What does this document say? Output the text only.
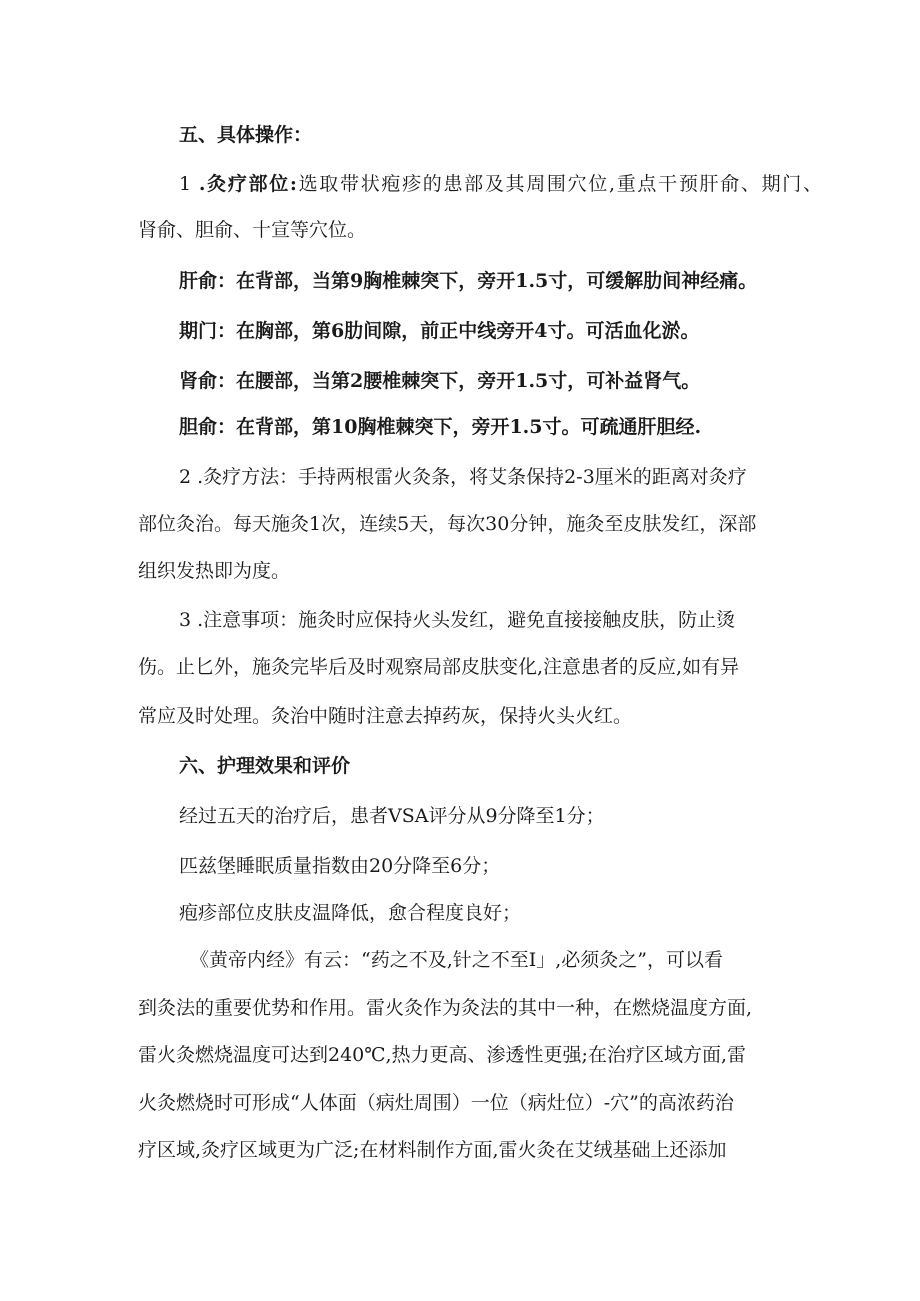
五、具体操作：
1 .灸疗部位:选取带状疱疹的患部及其周围穴位,重点干预肝俞、期门、
肾俞、胆俞、十宣等穴位。
肝俞：在背部，当第9胸椎棘突下，旁开1.5寸，可缓解肋间神经痛。
期门：在胸部，第6肋间隙，前正中线旁开4寸。可活血化淤。
肾俞：在腰部，当第2腰椎棘突下，旁开1.5寸，可补益肾气。
胆俞：在背部，第10胸椎棘突下，旁开1.5寸。可疏通肝胆经.
2 .灸疗方法：手持两根雷火灸条，将艾条保持2-3厘米的距离对灸疗
部位灸治。每天施灸1次，连续5天，每次30分钟，施灸至皮肤发红，深部
组织发热即为度。
3 .注意事项：施灸时应保持火头发红，避免直接接触皮肤，防止烫
伤。止匕外，施灸完毕后及时观察局部皮肤变化,注意患者的反应,如有异
常应及时处理。灸治中随时注意去掉药灰，保持火头火红。
六、护理效果和评价
经过五天的治疗后，患者VSA评分从9分降至1分；
匹兹堡睡眠质量指数由20分降至6分；
疱疹部位皮肤皮温降低，愈合程度良好；
《黄帝内经》有云：“药之不及,针之不至I」,必须灸之”，可以看
到灸法的重要优势和作用。雷火灸作为灸法的其中一种，在燃烧温度方面,
雷火灸燃烧温度可达到240℃,热力更高、渗透性更强;在治疗区域方面,雷
火灸燃烧时可形成“人体面（病灶周围）一位（病灶位）-穴”的高浓药治
疗区域,灸疗区域更为广泛;在材料制作方面,雷火灸在艾绒基础上还添加
